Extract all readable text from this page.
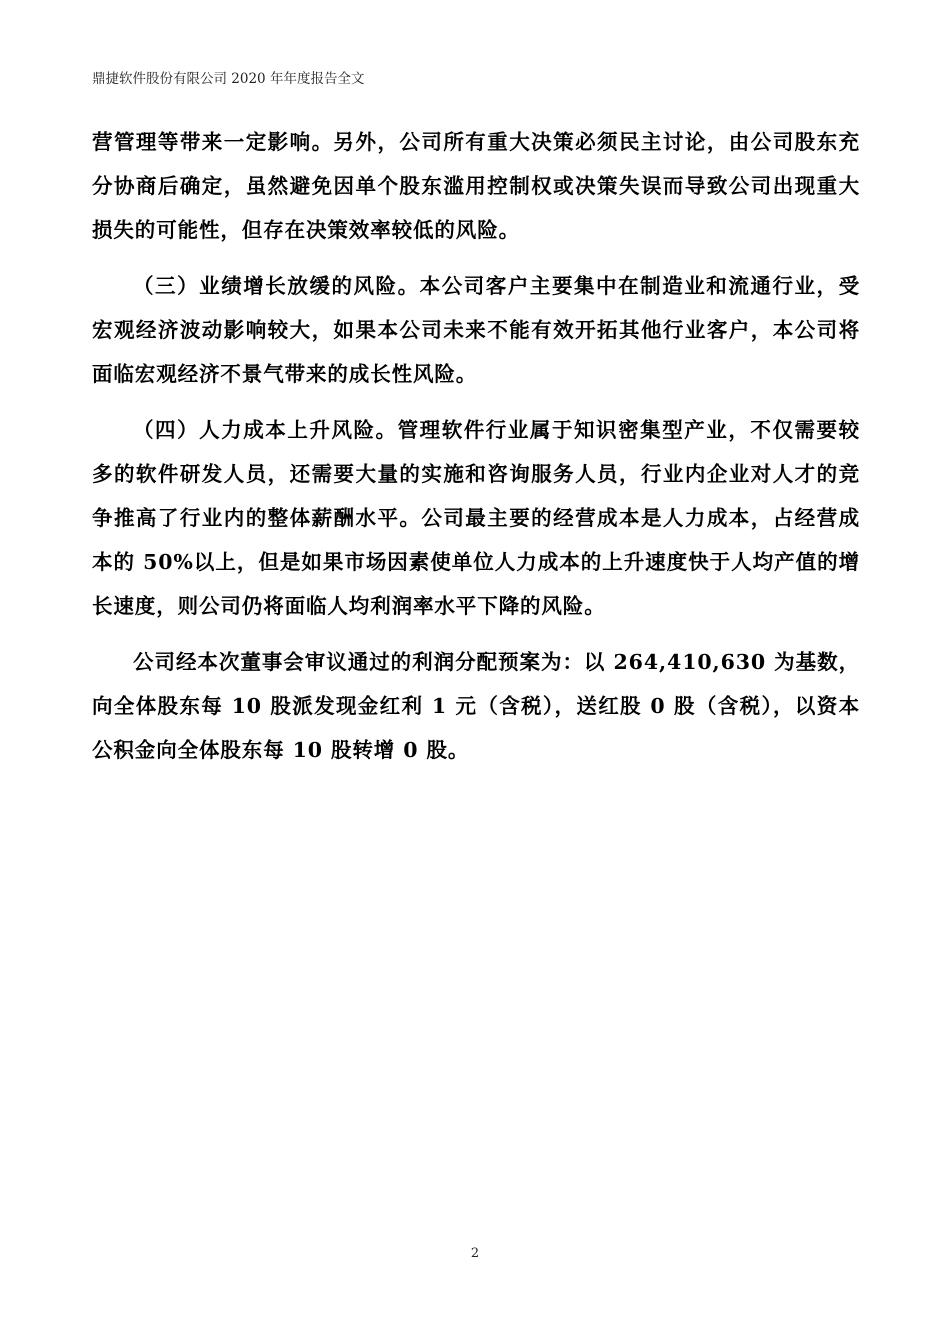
鼎捷软件股份有限公司 2020 年年度报告全文

营管理等带来一定影响。另外，公司所有重大决策必须民主讨论，由公司股东充分协商后确定，虽然避免因单个股东滥用控制权或决策失误而导致公司出现重大损失的可能性，但存在决策效率较低的风险。

（三）业绩增长放缓的风险。本公司客户主要集中在制造业和流通行业，受宏观经济波动影响较大，如果本公司未来不能有效开拓其他行业客户，本公司将面临宏观经济不景气带来的成长性风险。

（四）人力成本上升风险。管理软件行业属于知识密集型产业，不仅需要较多的软件研发人员，还需要大量的实施和咨询服务人员，行业内企业对人才的竞争推高了行业内的整体薪酬水平。公司最主要的经营成本是人力成本，占经营成本的 50%以上，但是如果市场因素使单位人力成本的上升速度快于人均产值的增长速度，则公司仍将面临人均利润率水平下降的风险。

公司经本次董事会审议通过的利润分配预案为：以 264,410,630 为基数，向全体股东每 10 股派发现金红利 1 元（含税），送红股 0 股（含税），以资本公积金向全体股东每 10 股转增 0 股。

2
